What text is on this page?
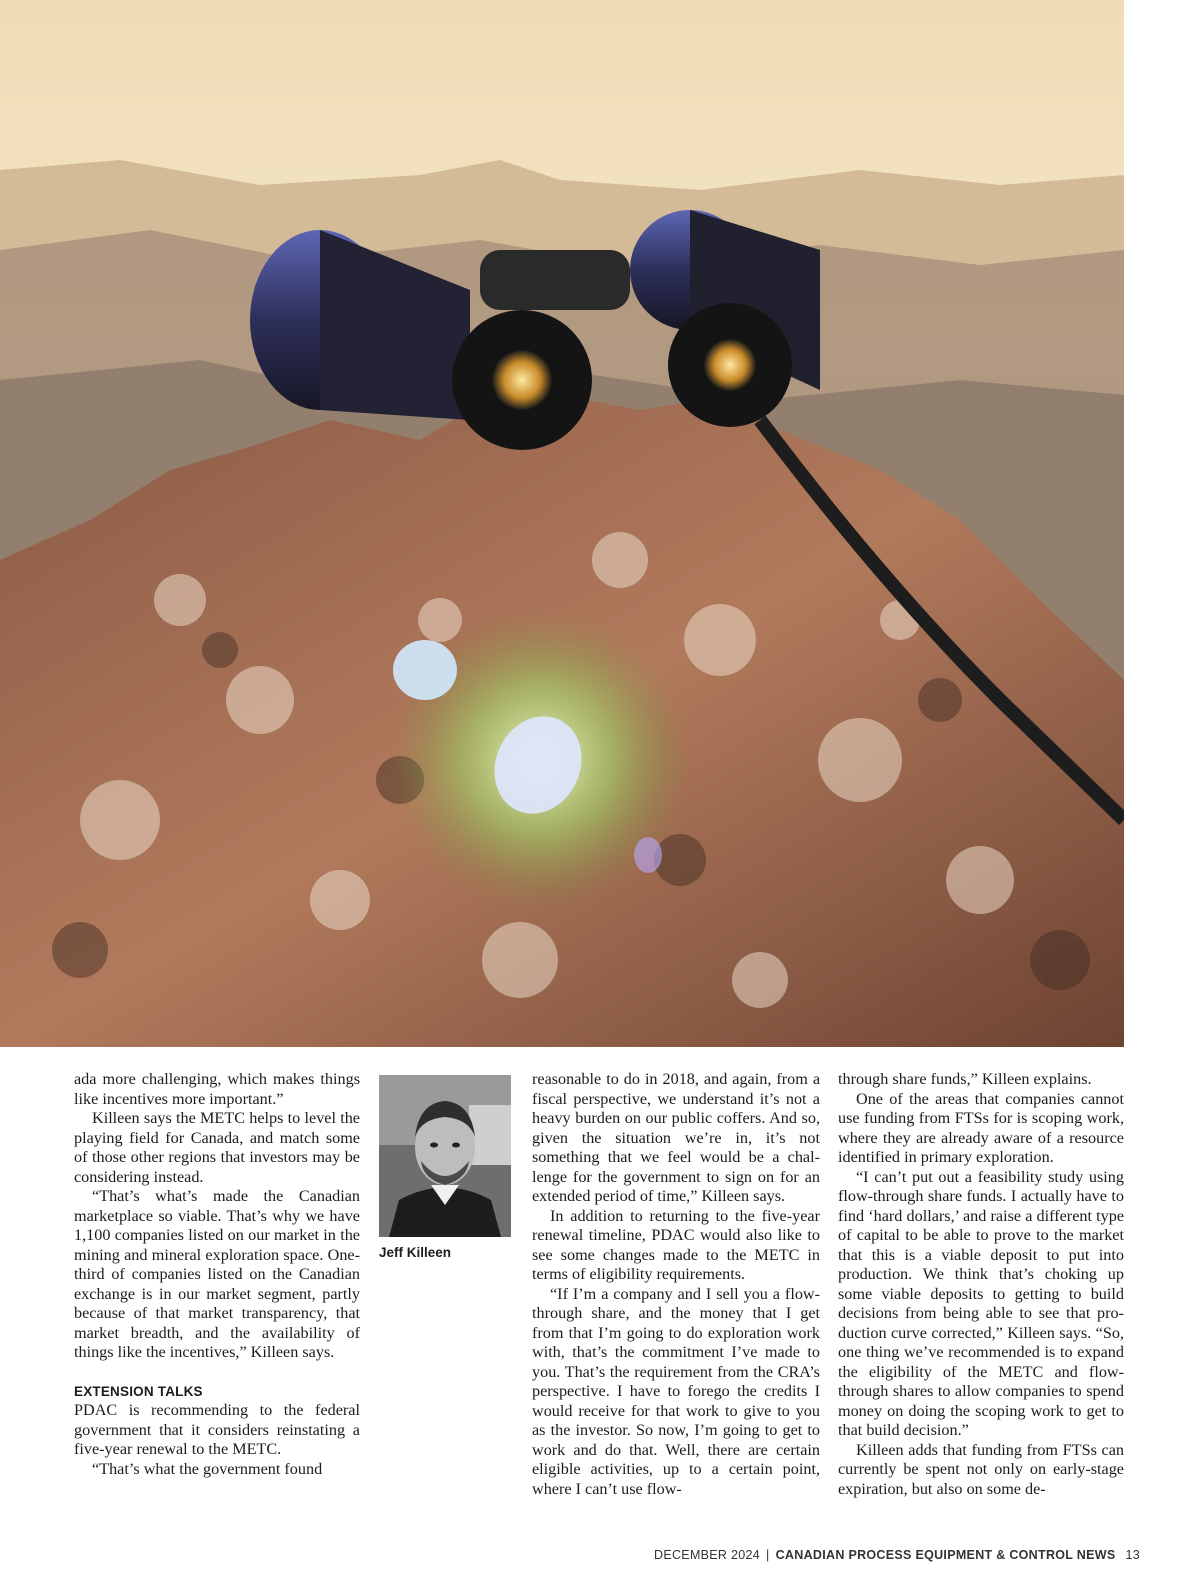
ada more challenging, which makes things like incentives more important.”

Killeen says the METC helps to level the playing field for Canada, and match some of those other regions that investors may be considering instead.

“That’s what’s made the Canadian marketplace so viable. That’s why we have 1,100 companies listed on our market in the mining and mineral exploration space. One-third of companies listed on the Canadian exchange is in our market segment, partly because of that market transparency, that market breadth, and the availability of things like the incentives,” Killeen says.

EXTENSION TALKS

PDAC is recommending to the federal government that it considers reinstating a five-year renewal to the METC.

“That’s what the government found

Jeff Killeen

reasonable to do in 2018, and again, from a fiscal perspective, we understand it’s not a heavy burden on our public coffers. And so, given the situation we’re in, it’s not something that we feel would be a challenge for the government to sign on for an extended period of time,” Killeen says.

In addition to returning to the five-year renewal timeline, PDAC would also like to see some changes made to the METC in terms of eligibility requirements.

“If I’m a company and I sell you a flow-through share, and the money that I get from that I’m going to do exploration work with, that’s the commitment I’ve made to you. That’s the requirement from the CRA’s perspective. I have to forego the credits I would receive for that work to give to you as the investor. So now, I’m going to get to work and do that. Well, there are certain eligible activities, up to a certain point, where I can’t use flow-

through share funds,” Killeen explains.

One of the areas that companies cannot use funding from FTSs for is scoping work, where they are already aware of a resource identified in primary exploration.

“I can’t put out a feasibility study using flow-through share funds. I actually have to find ‘hard dollars,’ and raise a different type of capital to be able to prove to the market that this is a viable deposit to put into production. We think that’s choking up some viable deposits to getting to build decisions from being able to see that production curve corrected,” Killeen says. “So, one thing we’ve recommended is to expand the eligibility of the METC and flow-through shares to allow companies to spend money on doing the scoping work to get to that build decision.”

Killeen adds that funding from FTSs can currently be spent not only on early-stage expiration, but also on some de-

DECEMBER 2024 | CANADIAN PROCESS EQUIPMENT & CONTROL NEWS 13
